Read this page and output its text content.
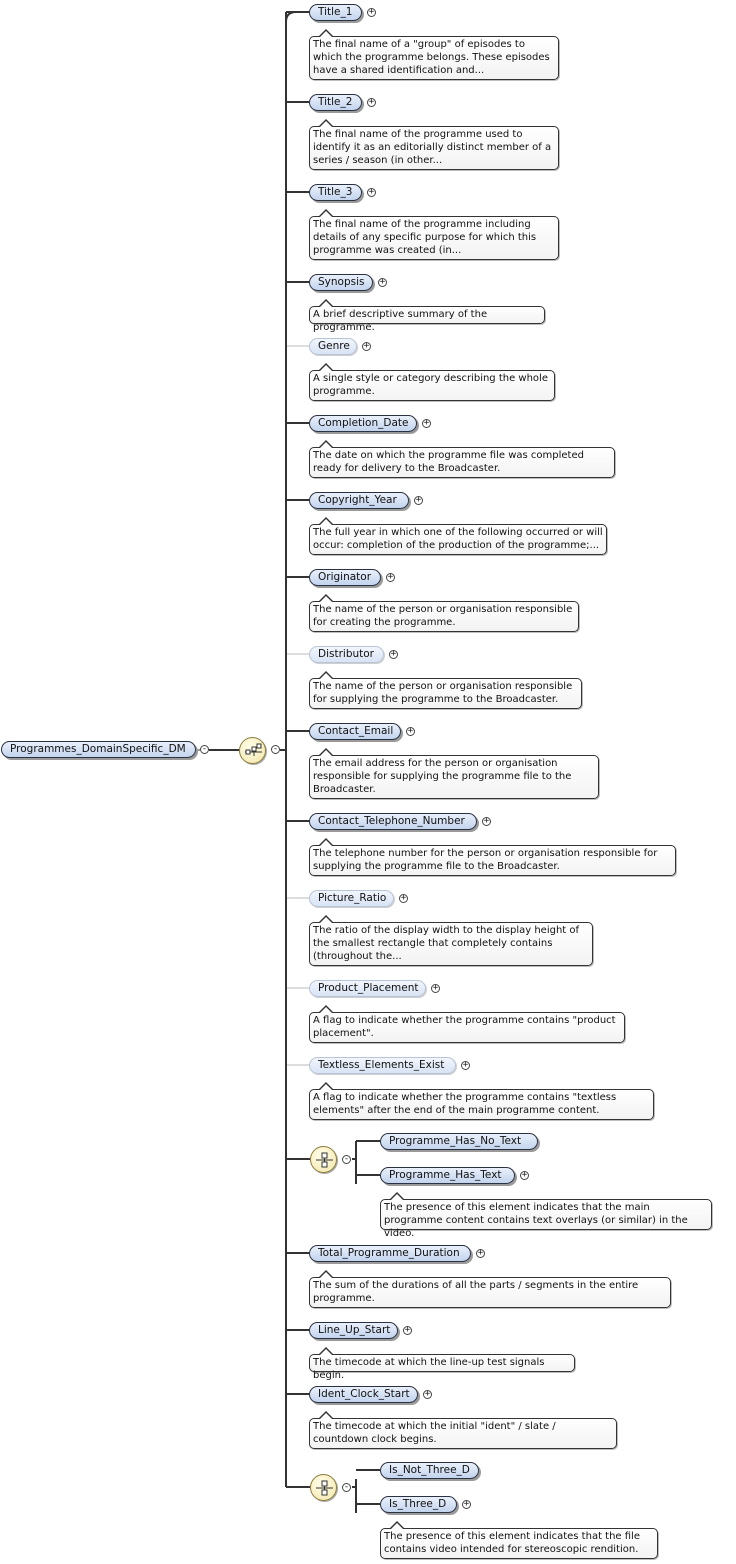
Programmes_DomainSpecific_DM	-	-
Title_1	+
The final name of a "group" of episodes to which the programme belongs. These episodes have a shared identification and...
Title_2	+
The final name of the programme used to identify it as an editorially distinct member of a series / season (in other...
Title_3	+
The final name of the programme including details of any specific purpose for which this programme was created (in...
Synopsis	+
A brief descriptive summary of the programme.
Genre	+
A single style or category describing the whole programme.
Completion_Date	+
The date on which the programme file was completed ready for delivery to the Broadcaster.
Copyright_Year	+
The full year in which one of the following occurred or will occur: completion of the production of the programme;...
Originator	+
The name of the person or organisation responsible for creating the programme.
Distributor	+
The name of the person or organisation responsible for supplying the programme to the Broadcaster.
Contact_Email	+
The email address for the person or organisation responsible for supplying the programme file to the Broadcaster.
Contact_Telephone_Number	+
The telephone number for the person or organisation responsible for supplying the programme file to the Broadcaster.
Picture_Ratio	+
The ratio of the display width to the display height of the smallest rectangle that completely contains (throughout the...
Product_Placement	+
A flag to indicate whether the programme contains "product placement".
Textless_Elements_Exist	+
A flag to indicate whether the programme contains "textless elements" after the end of the main programme content.
-
Programme_Has_No_Text
Programme_Has_Text	+
The presence of this element indicates that the main programme content contains text overlays (or similar) in the video.
Total_Programme_Duration	+
The sum of the durations of all the parts / segments in the entire programme.
Line_Up_Start	+
The timecode at which the line-up test signals begin.
Ident_Clock_Start	+
The timecode at which the initial "ident" / slate / countdown clock begins.
-
Is_Not_Three_D
Is_Three_D	+
The presence of this element indicates that the file contains video intended for stereoscopic rendition.
